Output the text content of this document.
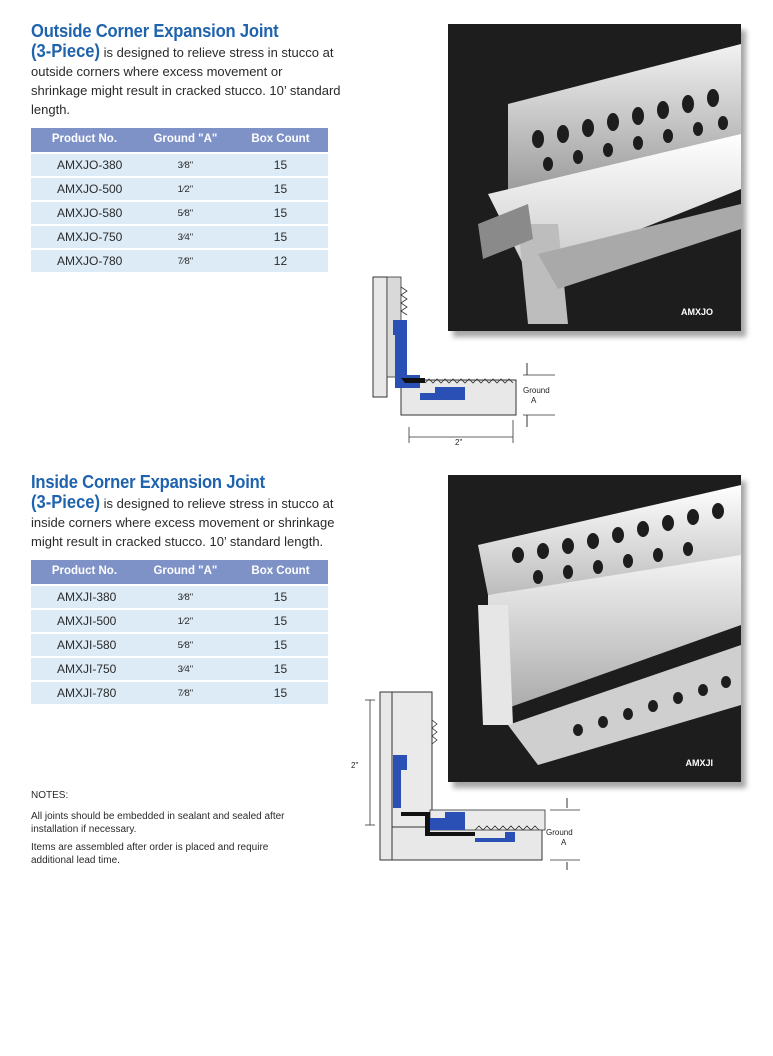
Outside Corner Expansion Joint
(3-Piece) is designed to relieve stress in stucco at outside corners where excess movement or shrinkage might result in cracked stucco. 10’ standard length.
Product No.	Ground "A"	Box Count
AMXJO-380	3⁄8"	15
AMXJO-500	1⁄2"	15
AMXJO-580	5⁄8"	15
AMXJO-750	3⁄4"	15
AMXJO-780	7⁄8"	12
AMXJO
Ground
A
2"
Inside Corner Expansion Joint
(3-Piece) is designed to relieve stress in stucco at inside corners where excess movement or shrinkage might result in cracked stucco. 10’ standard length.
Product No.	Ground "A"	Box Count
AMXJI-380	3⁄8"	15
AMXJI-500	1⁄2"	15
AMXJI-580	5⁄8"	15
AMXJI-750	3⁄4"	15
AMXJI-780	7⁄8"	15
AMXJI
2"
Ground
A

NOTES:

All joints should be embedded in sealant and sealed after installation if necessary.

Items are assembled after order is placed and require additional lead time.
